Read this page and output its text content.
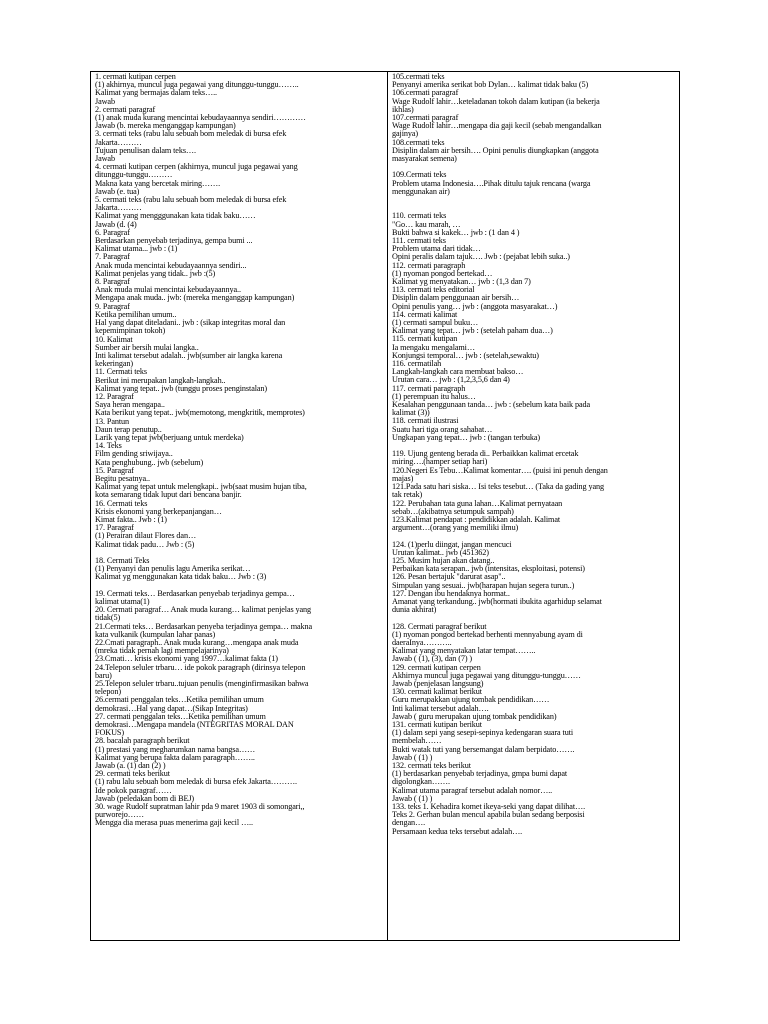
1. cermati kutipan cerpen
(1) akhirnya, muncul juga pegawai yang ditunggu-tunggu……..
Kalimat yang bermajas dalam teks…..
Jawab
2. cermati paragraf
(1) anak muda kurang mencintai kebudayaannya sendiri…………
Jawab (b. mereka menganggap kampungan)
3. cermati teks (rabu lalu sebuah bom meledak di bursa efek
Jakarta………
Tujuan penulisan dalam teks….
Jawab
4. cermati kutipan cerpen (akhirnya, muncul juga pegawai yang
ditunggu-tunggu………
Makna kata yang bercetak miring…….
Jawab (e. tua)
5. cermati teks (rabu lalu sebuah bom meledak di bursa efek
Jakarta………
Kalimat yang mengggunakan kata tidak baku……
Jawab (d. (4)
6. Paragraf
Berdasarkan penyebab terjadinya, gempa bumi ...
Kalimat utama... jwb : (1)
7. Paragraf
Anak muda mencintai kebudayaannya sendiri...
Kalimat penjelas yang tidak.. jwb :(5)
8. Paragraf
Anak muda mulai mencintai kebudayaannya..
Mengapa anak muda.. jwb: (mereka menganggap kampungan)
9. Paragraf
Ketika pemilihan umum..
Hal yang dapat diteladani.. jwb : (sikap integritas moral dan
kepemimpinan tokoh)
10. Kalimat
Sumber air bersih mulai langka..
Inti kalimat tersebut adalah.. jwb(sumber air langka karena
kekeringan)
11. Cermati teks
Berikut ini merupakan langkah-langkah..
Kalimat yang tepat.. jwb (tunggu proses penginstalan)
12. Paragraf
Saya heran mengapa..
Kata berikut yang tepat.. jwb(memotong, mengkritik, memprotes)
13. Pantun
Daun terap penutup..
Larik yang tepat jwb(berjuang untuk merdeka)
14. Teks
Film gending sriwijaya..
Kata penghubung.. jwb (sebelum)
15. Paragraf
Begitu pesatnya..
Kalimat yang tepat untuk melengkapi.. jwb(saat musim hujan tiba,
kota semarang tidak luput dari bencana banjir.
16. Cermati teks
Krisis ekonomi yang berkepanjangan…
Kimat fakta.. Jwb : (1)
17. Paragraf
(1) Perairan dilaut Flores dan…
Kalimat tidak padu… Jwb : (5)
18. Cermati Teks
(1) Penyanyi dan penulis lagu Amerika serikat…
Kalimat yg menggunakan kata tidak baku… Jwb : (3)
19. Cermati teks… Berdasarkan penyebab terjadinya gempa…
kalimat utama(1)
20. Cermati paragraf… Anak muda kurang… kalimat penjelas yang
tidak(5)
21.Cermati teks… Berdasarkan penyeba terjadinya gempa… makna
kata vulkanik (kumpulan lahar panas)
22.Cmati paragraph.. Anak muda kurang…mengapa anak muda
(mreka tidak pernah lagi mempelajarinya)
23.Cmati… krisis ekonomi yang 1997…kalimat fakta (1)
24.Telepon seluler trbaru… ide pokok paragraph (dirinsya telepon
baru)
25.Telepon seluler trbaru..tujuan penulis (menginfirmasikan bahwa
telepon)
26.cermati penggalan teks…Ketika pemilihan umum
demokrasi…Hal yang dapat…(Sikap Integritas)
27. cermati penggalan teks…Ketika pemilihan umum
demokrasi…Mengapa mandela (NTEGRITAS MORAL DAN
FOKUS)
28. bacalah paragraph berikut
(1) prestasi yang megharumkan nama bangsa……
Kalimat yang berupa fakta dalam paragraph……..
Jawab (a. (1) dan (2) )
29. cermati teks berikut
(1) rabu lalu sebuah bom meledak di bursa efek Jakarta……….
Ide pokok paragraf……
Jawab (peledakan bom di BEJ)
30. wage Rudolf supratman lahir pda 9 maret 1903 di somongari,,
purworejo……
Mengga dia merasa puas menerima gaji kecil …..
105.cermati teks
Penyanyi amerika serikat bob Dylan… kalimat tidak baku (5)
106.cermati paragraf
Wage Rudolf lahir…keteladanan tokoh dalam kutipan (ia bekerja
ikhlas)
107.cermati paragraf
Wage Rudolf lahir…mengapa dia gaji kecil (sebab mengandalkan
gajinya)
108.cermati teks
Disiplin dalam air bersih…. Opini penulis diungkapkan (anggota
masyarakat semena)
109.Cermati teks
Problem utama Indonesia….Pihak ditulu tajuk rencana (warga
menggunakan air)
110. cermati teks
"Go… kau marah, …
Bukti bahwa si kakek… jwb : (1 dan 4 )
111. cermati teks
Problem utama dari tidak…
Opini peralis dalam tajuk…. Jwb : (pejabat lebih suka..)
112. cermati paragraph
(1) nyoman pongod bertekad…
Kalimat yg menyatakan… jwb : (1,3 dan 7)
113. cermati teks editorial
Disiplin dalam penggunaan air bersih…
Opini penulis yang… jwb : (anggota masyarakat…)
114. cermati kalimat
(1) cermati sampul buku…
Kalimat yang tepat… jwb : (setelah paham dua…)
115. cermati kutipan
Ia mengaku mengalami…
Konjungsi temporal… jwb : (setelah,sewaktu)
116. cermatilah
Langkah-langkah cara membuat bakso…
Urutan cara… jwb : (1,2,3,5,6 dan 4)
117. cermati paragraph
(1) perempuan itu halus…
Kesalahan penggunaan tanda… jwb : (sebelum kata baik pada
kalimat (3))
118. cermati ilustrasi
Suatu hari tiga orang sahabat…
Ungkapan yang tepat… jwb : (tangan terbuka)
119. Ujung genteng berada di.. Perbaikkan kalimat ercetak
miring….(hamper setiap hari)
120.Negeri Es Tebu…Kalimat komentar…. (puisi ini penuh dengan
majas)
121.Pada satu hari siska… Isi teks tesebut… (Taka da gading yang
tak retak)
122. Perubahan tata guna lahan…Kalimat pernyataan
sebab…(akibatnya setumpuk sampah)
123.Kalimat pendapat : pendidikkan adalah. Kalimat
argument…(orang yang memiliki ilmu)
124. (1)perlu diingat, jangan mencuci
Urutan kalimat.. jwb (451362)
125. Musim hujan akan datang..
Perbaikan kata serapan.. jwb (intensitas, eksploitasi, potensi)
126. Pesan bertajuk "darurat asap"..
Simpulan yang sesuai.. jwb(harapan hujan segera turun..)
127. Dengan ibu hendaknya hormat..
Amanat yang terkandung.. jwb(hormati ibukita agarhidup selamat
dunia akhirat)
128. Cermati paragraf berikut
(1) nyoman pongod bertekad berhenti mennyabung ayam di
daeraInya………..
Kalimat yang menyatakan latar tempat……..
Jawab ( (1), (3), dan (7) )
129. cermati kutipan cerpen
Akhirnya muncul juga pegawai yang ditunggu-tunggu……
Jawab (penjelasan langsung)
130. cermati kalimat berikut
Guru merupakkan ujung tombak pendidikan……
Inti kalimat tersebut adalah….
Jawab ( guru merupakan ujung tombak pendidikan)
131. cermati kutipan berikut
(1) dalam sepi yang sesepi-sepinya kedengaran suara tuti
membelah……
Bukti watak tuti yang bersemangat dalam berpidato…….
Jawab ( (1) )
132. cermati teks berikut
(1) berdasarkan penyebab terjadinya, gmpa bumi dapat
digolongkan…….
Kalimat utama paragraf tersebut adalah nomor…..
Jawab ( (1) )
133. teks 1. Kehadira komet ikeya-seki yang dapat dilihat….
Teks 2. Gerhan bulan mencul apabila bulan sedang berposisi
dengan….
Persamaan kedua teks tersebut adalah….
